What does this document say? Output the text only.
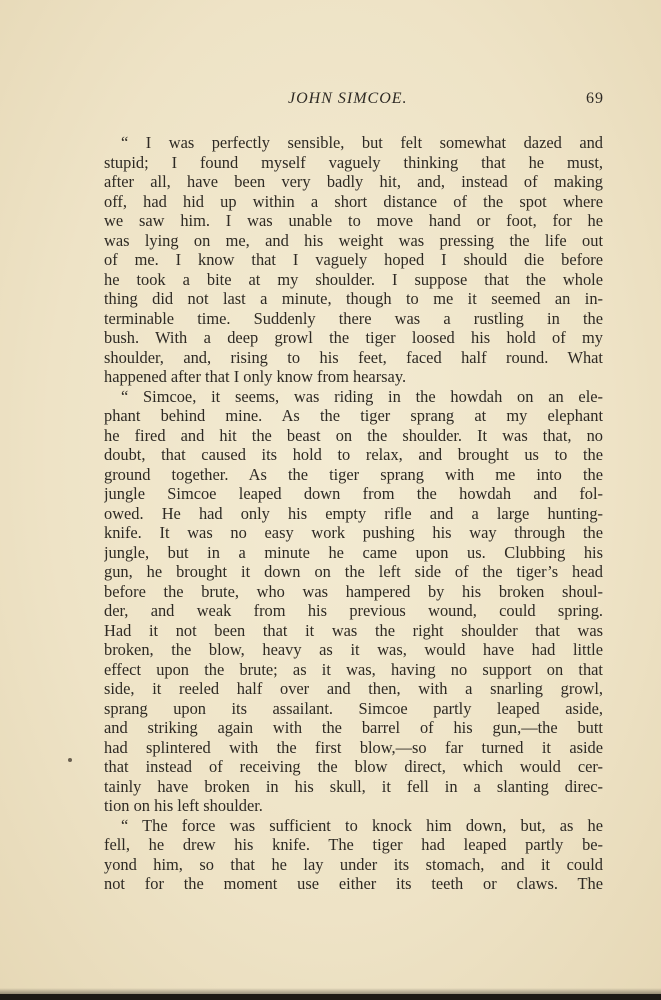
JOHN SIMCOE.	69
“ I was perfectly sensible, but felt somewhat dazed and
stupid; I found myself vaguely thinking that he must,
after all, have been very badly hit, and, instead of making
off, had hid up within a short distance of the spot where
we saw him. I was unable to move hand or foot, for he
was lying on me, and his weight was pressing the life out
of me. I know that I vaguely hoped I should die before
he took a bite at my shoulder. I suppose that the whole
thing did not last a minute, though to me it seemed an in-
terminable time. Suddenly there was a rustling in the
bush. With a deep growl the tiger loosed his hold of my
shoulder, and, rising to his feet, faced half round. What
happened after that I only know from hearsay.
“ Simcoe, it seems, was riding in the howdah on an ele-
phant behind mine. As the tiger sprang at my elephant
he fired and hit the beast on the shoulder. It was that, no
doubt, that caused its hold to relax, and brought us to the
ground together. As the tiger sprang with me into the
jungle Simcoe leaped down from the howdah and fol-
owed. He had only his empty rifle and a large hunting-
knife. It was no easy work pushing his way through the
jungle, but in a minute he came upon us. Clubbing his
gun, he brought it down on the left side of the tiger’s head
before the brute, who was hampered by his broken shoul-
der, and weak from his previous wound, could spring.
Had it not been that it was the right shoulder that was
broken, the blow, heavy as it was, would have had little
effect upon the brute; as it was, having no support on that
side, it reeled half over and then, with a snarling growl,
sprang upon its assailant. Simcoe partly leaped aside,
and striking again with the barrel of his gun,—the butt
had splintered with the first blow,—so far turned it aside
that instead of receiving the blow direct, which would cer-
tainly have broken in his skull, it fell in a slanting direc-
tion on his left shoulder.
“ The force was sufficient to knock him down, but, as he
fell, he drew his knife. The tiger had leaped partly be-
yond him, so that he lay under its stomach, and it could
not for the moment use either its teeth or claws. The
